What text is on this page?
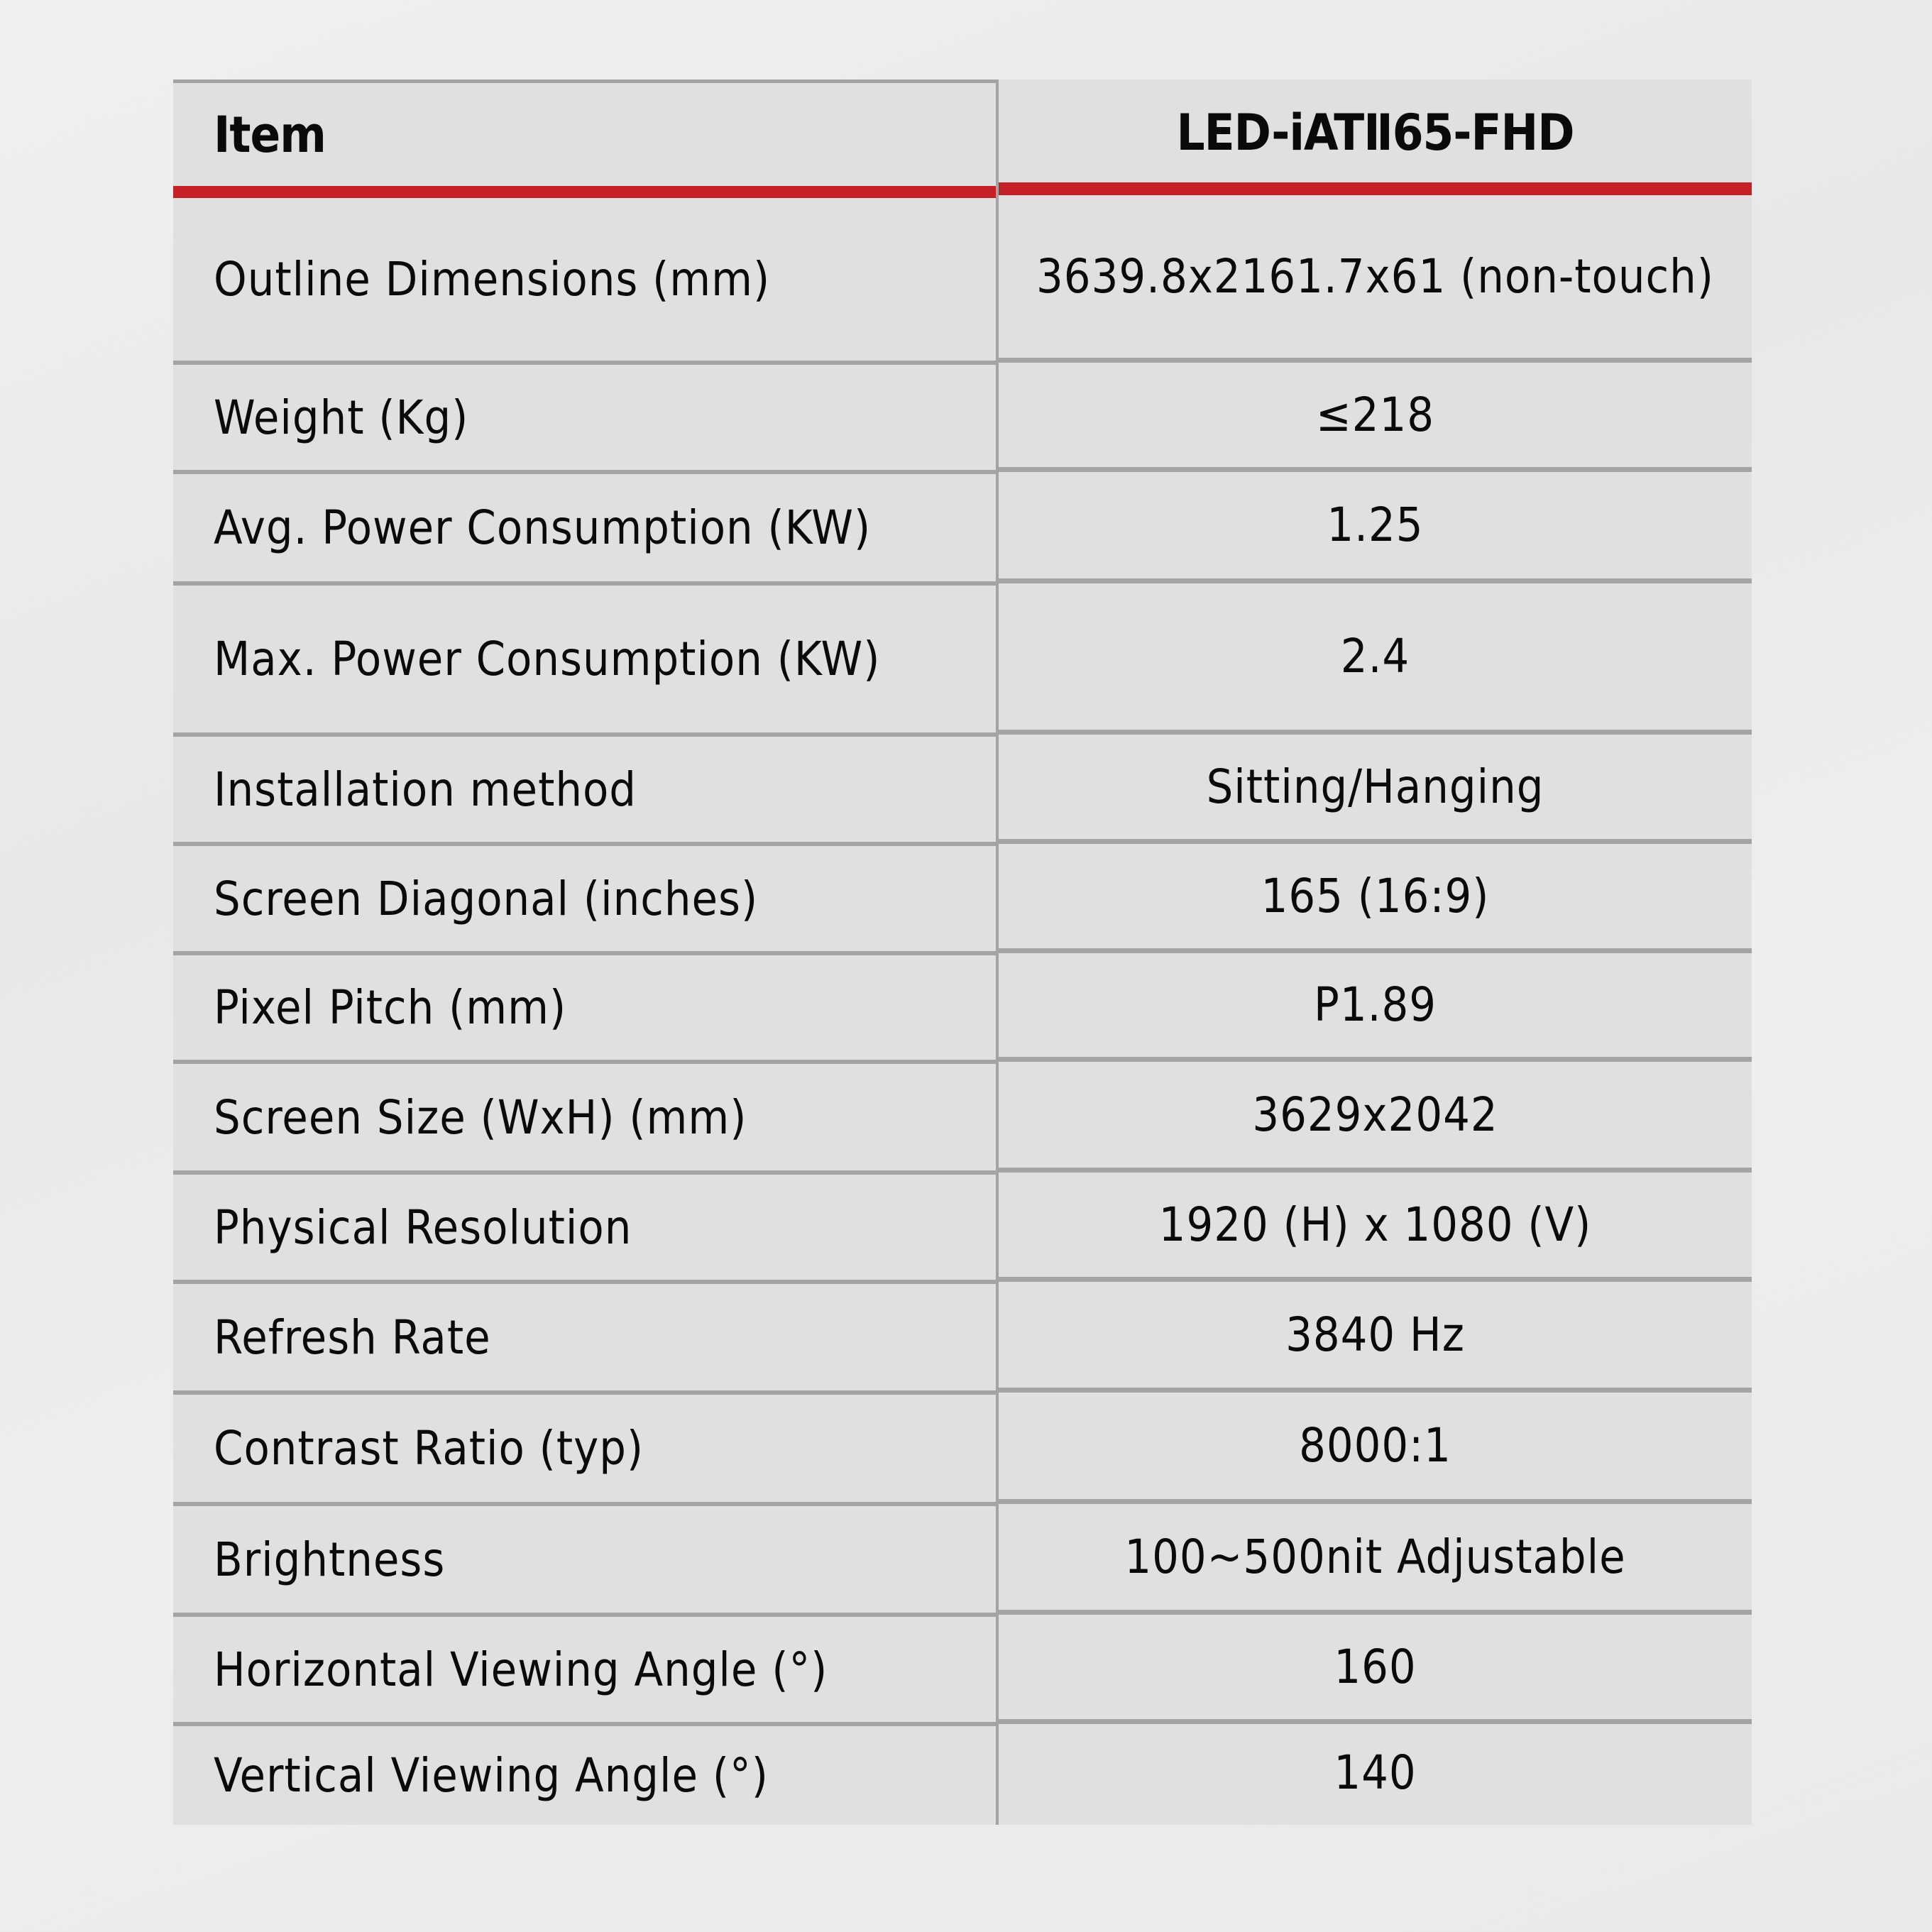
Item	LED-iATⅡ65-FHD
Outline Dimensions (mm)	3639.8x2161.7x61 (non-touch)
Weight (Kg)	≤218
Avg. Power Consumption (KW)	1.25
Max. Power Consumption (KW)	2.4
Installation method	Sitting/Hanging
Screen Diagonal (inches)	165 (16:9)
Pixel Pitch (mm)	P1.89
Screen Size (WxH) (mm)	3629x2042
Physical Resolution	1920 (H) x 1080 (V)
Refresh Rate	3840 Hz
Contrast Ratio (typ)	8000:1
Brightness	100~500nit Adjustable
Horizontal Viewing Angle (°)	160
Vertical Viewing Angle (°)	140
